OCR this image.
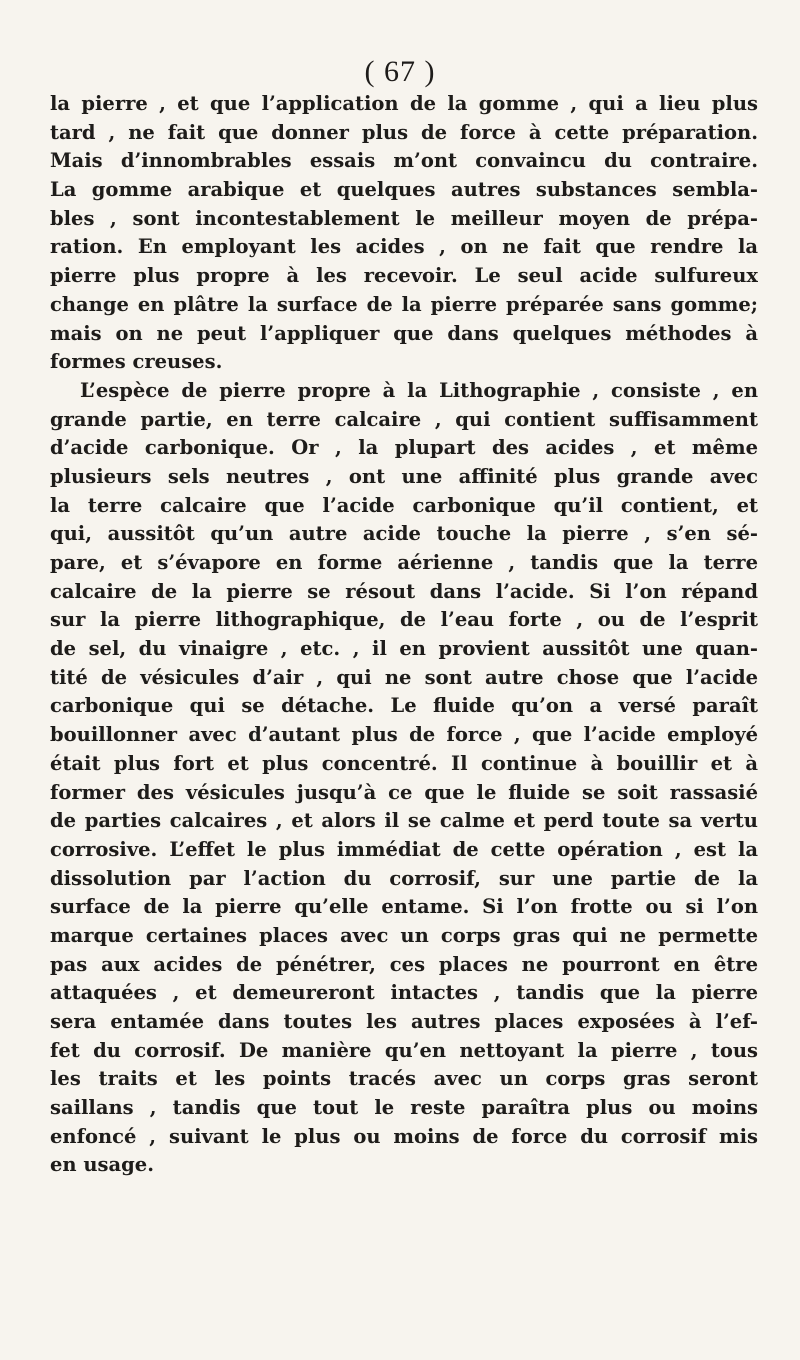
( 67 )
la pierre , et que l’application de la gomme , qui a lieu plus
tard , ne fait que donner plus de force à cette préparation.
Mais d’innombrables essais m’ont convaincu du contraire.
La gomme arabique et quelques autres substances sembla-
bles , sont incontestablement le meilleur moyen de prépa-
ration. En employant les acides , on ne fait que rendre la
pierre plus propre à les recevoir. Le seul acide sulfureux
change en plâtre la surface de la pierre préparée sans gomme;
mais on ne peut l’appliquer que dans quelques méthodes à
formes creuses.
L’espèce de pierre propre à la Lithographie , consiste , en
grande partie, en terre calcaire , qui contient suffisamment
d’acide carbonique. Or , la plupart des acides , et même
plusieurs sels neutres , ont une affinité plus grande avec
la terre calcaire que l’acide carbonique qu’il contient, et
qui, aussitôt qu’un autre acide touche la pierre , s’en sé-
pare, et s’évapore en forme aérienne , tandis que la terre
calcaire de la pierre se résout dans l’acide. Si l’on répand
sur la pierre lithographique, de l’eau forte , ou de l’esprit
de sel, du vinaigre , etc. , il en provient aussitôt une quan-
tité de vésicules d’air , qui ne sont autre chose que l’acide
carbonique qui se détache. Le fluide qu’on a versé paraît
bouillonner avec d’autant plus de force , que l’acide employé
était plus fort et plus concentré. Il continue à bouillir et à
former des vésicules jusqu’à ce que le fluide se soit rassasié
de parties calcaires , et alors il se calme et perd toute sa vertu
corrosive. L’effet le plus immédiat de cette opération , est la
dissolution par l’action du corrosif, sur une partie de la
surface de la pierre qu’elle entame. Si l’on frotte ou si l’on
marque certaines places avec un corps gras qui ne permette
pas aux acides de pénétrer, ces places ne pourront en être
attaquées , et demeureront intactes , tandis que la pierre
sera entamée dans toutes les autres places exposées à l’ef-
fet du corrosif. De manière qu’en nettoyant la pierre , tous
les traits et les points tracés avec un corps gras seront
saillans , tandis que tout le reste paraîtra plus ou moins
enfoncé , suivant le plus ou moins de force du corrosif mis
en usage.
